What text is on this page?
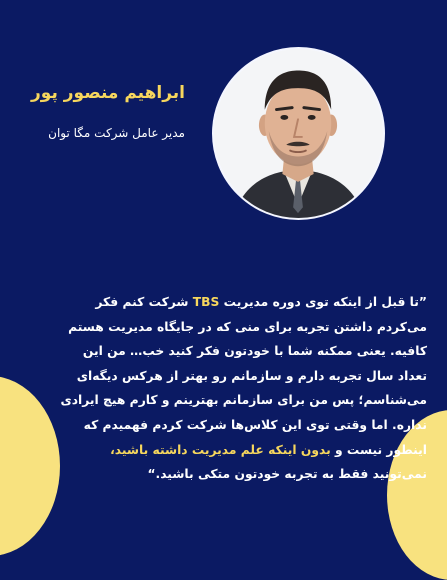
ابراهیم منصور پور
مدیر عامل شرکت مگا توان
”تا قبل از اینکه توی دوره مدیریت TBS شرکت کنم فکر
می‌کردم داشتن تجربه برای منی که در جایگاه مدیریت هستم
کافیه. یعنی ممکنه شما با خودتون فکر کنید خب… من این
تعداد سال تجربه دارم و سازمانم رو بهتر از هرکس دیگه‌ای
می‌شناسم؛ پس من برای سازمانم بهترینم و کارم هیچ ایرادی
نداره. اما وقتی توی این کلاس‌ها شرکت کردم فهمیدم که
اینطور نیست و بدون اینکه علم مدیریت داشته باشید،
نمی‌تونید فقط به تجربه خودتون متکی باشید.“
